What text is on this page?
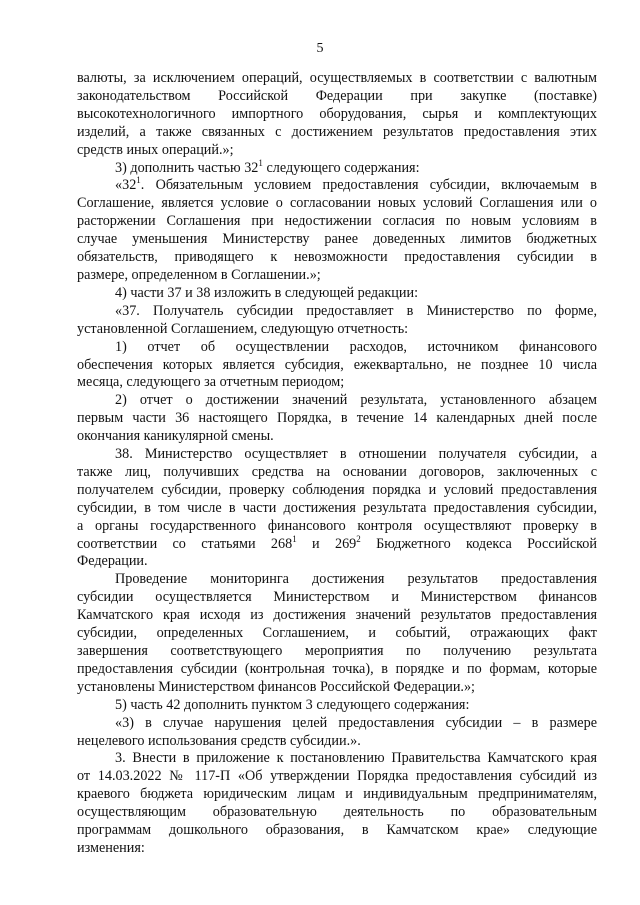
5
валюты, за исключением операций, осуществляемых в соответствии с валютным
законодательством Российской Федерации при закупке (поставке)
высокотехнологичного импортного оборудования, сырья и комплектующих
изделий, а также связанных с достижением результатов предоставления этих
средств иных операций.»;
3) дополнить частью $32^1$ следующего содержания:
«$32^1$. Обязательным условием предоставления субсидии, включаемым в
Соглашение, является условие о согласовании новых условий Соглашения или о
расторжении Соглашения при недостижении согласия по новым условиям в
случае уменьшения Министерству ранее доведенных лимитов бюджетных
обязательств, приводящего к невозможности предоставления субсидии в
размере, определенном в Соглашении.»;
4) части 37 и 38 изложить в следующей редакции:
«37. Получатель субсидии предоставляет в Министерство по форме,
установленной Соглашением, следующую отчетность:
1) отчет об осуществлении расходов, источником финансового
обеспечения которых является субсидия, ежеквартально, не позднее 10 числа
месяца, следующего за отчетным периодом;
2) отчет о достижении значений результата, установленного абзацем
первым части 36 настоящего Порядка, в течение 14 календарных дней после
окончания каникулярной смены.
38. Министерство осуществляет в отношении получателя субсидии, а
также лиц, получивших средства на основании договоров, заключенных с
получателем субсидии, проверку соблюдения порядка и условий предоставления
субсидии, в том числе в части достижения результата предоставления субсидии,
а органы государственного финансового контроля осуществляют проверку в
соответствии со статьями $268^1$ и $269^2$ Бюджетного кодекса Российской
Федерации.
Проведение мониторинга достижения результатов предоставления
субсидии осуществляется Министерством и Министерством финансов
Камчатского края исходя из достижения значений результатов предоставления
субсидии, определенных Соглашением, и событий, отражающих факт
завершения соответствующего мероприятия по получению результата
предоставления субсидии (контрольная точка), в порядке и по формам, которые
установлены Министерством финансов Российской Федерации.»;
5) часть 42 дополнить пунктом 3 следующего содержания:
«3) в случае нарушения целей предоставления субсидии – в размере
нецелевого использования средств субсидии.».
3. Внести в приложение к постановлению Правительства Камчатского края
от 14.03.2022 № 117-П «Об утверждении Порядка предоставления субсидий из
краевого бюджета юридическим лицам и индивидуальным предпринимателям,
осуществляющим образовательную деятельность по образовательным
программам дошкольного образования, в Камчатском крае» следующие
изменения:
